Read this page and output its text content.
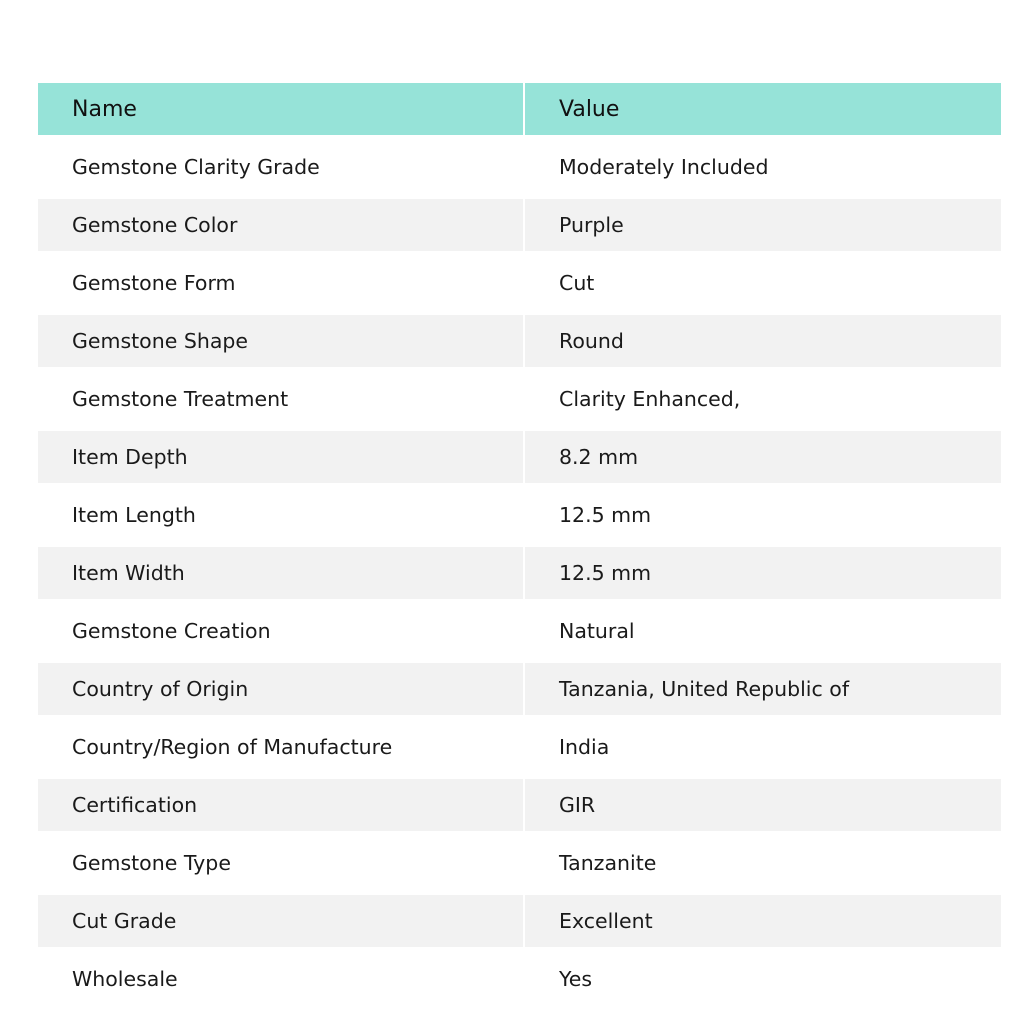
Name	Value
Gemstone Clarity Grade	Moderately Included
Gemstone Color	Purple
Gemstone Form	Cut
Gemstone Shape	Round
Gemstone Treatment	Clarity Enhanced,
Item Depth	8.2 mm
Item Length	12.5 mm
Item Width	12.5 mm
Gemstone Creation	Natural
Country of Origin	Tanzania, United Republic of
Country/Region of Manufacture	India
Certification	GIR
Gemstone Type	Tanzanite
Cut Grade	Excellent
Wholesale	Yes
